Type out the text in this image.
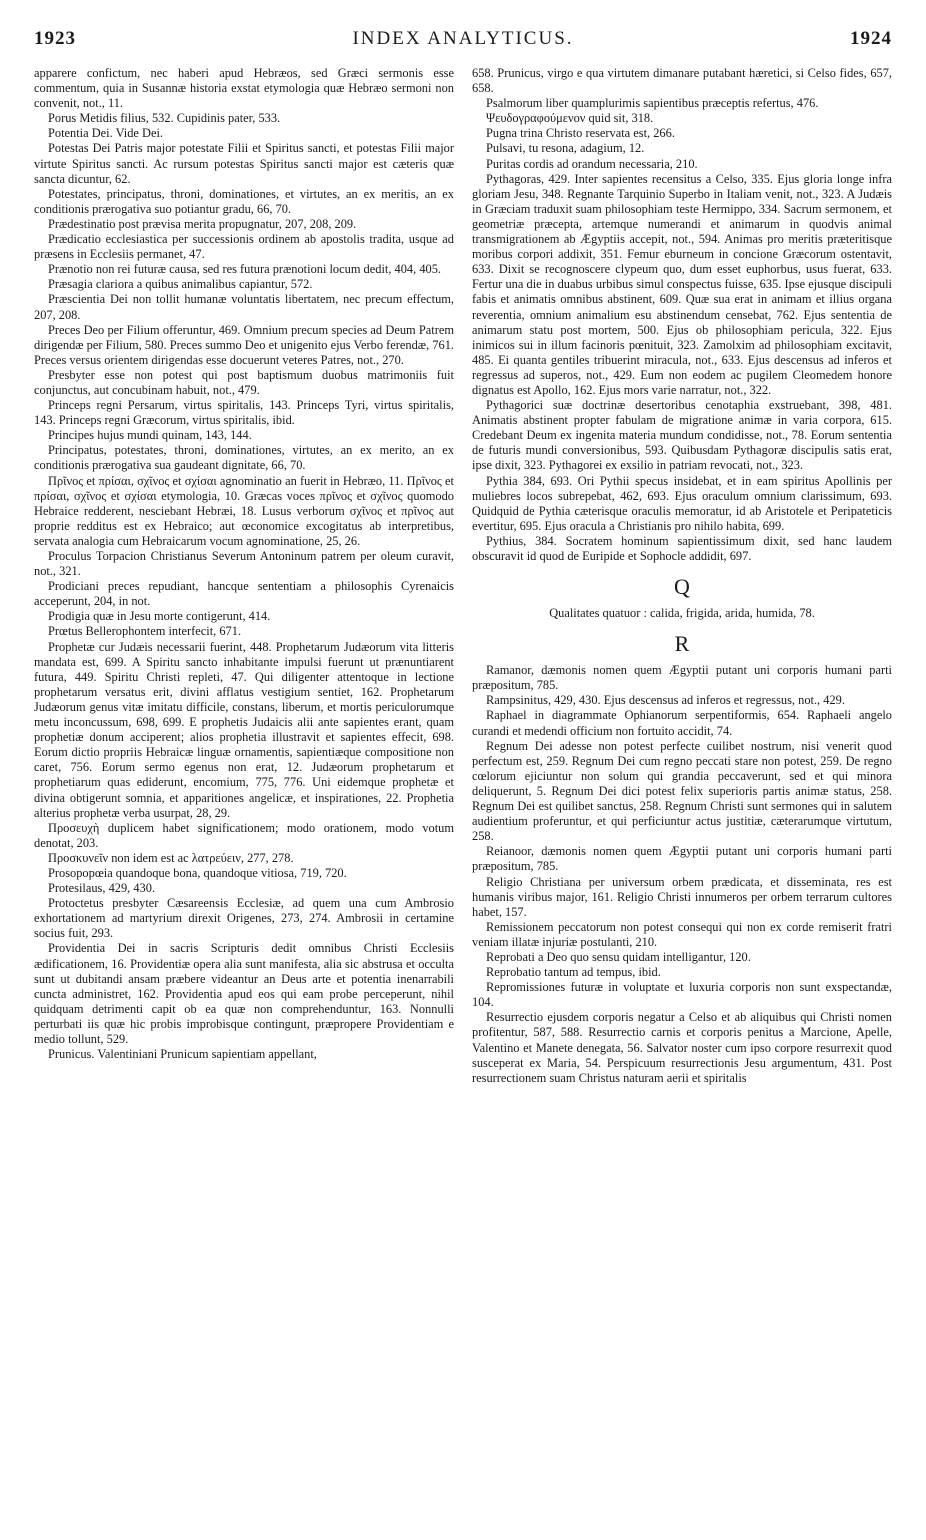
1923	INDEX ANALYTICUS.	1924

apparere confictum, nec haberi apud Hebræos, sed Græci sermonis esse commentum, quia in Susannæ historia exstat etymologia quæ Hebræo sermoni non convenit, not., 11.

Porus Metidis filius, 532. Cupidinis pater, 533.

Potentia Dei. Vide Dei.

Potestas Dei Patris major potestate Filii et Spiritus sancti, et potestas Filii major virtute Spiritus sancti. Ac rursum potestas Spiritus sancti major est cæteris quæ sancta dicuntur, 62.

Potestates, principatus, throni, dominationes, et virtutes, an ex meritis, an ex conditionis prærogativa suo potiantur gradu, 66, 70.

Prædestinatio post prævisa merita propugnatur, 207, 208, 209.

Prædicatio ecclesiastica per successionis ordinem ab apostolis tradita, usque ad præsens in Ecclesiis permanet, 47.

Prænotio non rei futuræ causa, sed res futura prænotioni locum dedit, 404, 405.

Præsagia clariora a quibus animalibus capiantur, 572.

Præscientia Dei non tollit humanæ voluntatis libertatem, nec precum effectum, 207, 208.

Preces Deo per Filium offeruntur, 469. Omnium precum species ad Deum Patrem dirigendæ per Filium, 580. Preces summo Deo et unigenito ejus Verbo ferendæ, 761. Preces versus orientem dirigendas esse docuerunt veteres Patres, not., 270.

Presbyter esse non potest qui post baptismum duobus matrimoniis fuit conjunctus, aut concubinam habuit, not., 479.

Princeps regni Persarum, virtus spiritalis, 143. Princeps Tyri, virtus spiritalis, 143. Princeps regni Græcorum, virtus spiritalis, ibid.

Principes hujus mundi quinam, 143, 144.

Principatus, potestates, throni, dominationes, virtutes, an ex merito, an ex conditionis prærogativa sua gaudeant dignitate, 66, 70.

Πρῖνος et πρίσαι, σχῖνος et σχίσαι agnominatio an fuerit in Hebræo, 11. Πρῖνος et πρίσαι, σχῖνος et σχίσαι etymologia, 10. Græcas voces πρῖνος et σχῖνος quomodo Hebraice redderent, nesciebant Hebræi, 18. Lusus verborum σχῖνος et πρῖνος aut proprie redditus est ex Hebraico; aut œconomice excogitatus ab interpretibus, servata analogia cum Hebraicarum vocum agnominatione, 25, 26.

Proculus Torpacion Christianus Severum Antoninum patrem per oleum curavit, not., 321.

Prodiciani preces repudiant, hancque sententiam a philosophis Cyrenaicis acceperunt, 204, in not.

Prodigia quæ in Jesu morte contigerunt, 414.

Prœtus Bellerophontem interfecit, 671.

Prophetæ cur Judæis necessarii fuerint, 448. Prophetarum Judæorum vita litteris mandata est, 699. A Spiritu sancto inhabitante impulsi fuerunt ut prænuntiarent futura, 449. Spiritu Christi repleti, 47. Qui diligenter attentoque in lectione prophetarum versatus erit, divini afflatus vestigium sentiet, 162. Prophetarum Judæorum genus vitæ imitatu difficile, constans, liberum, et mortis periculorumque metu inconcussum, 698, 699. E prophetis Judaicis alii ante sapientes erant, quam prophetiæ donum acciperent; alios prophetia illustravit et sapientes effecit, 698. Eorum dictio propriis Hebraicæ linguæ ornamentis, sapientiæque compositione non caret, 756. Eorum sermo egenus non erat, 12. Judæorum prophetarum et prophetiarum quas ediderunt, encomium, 775, 776. Uni eidemque prophetæ et divina obtigerunt somnia, et apparitiones angelicæ, et inspirationes, 22. Prophetia alterius prophetæ verba usurpat, 28, 29.

Προσευχὴ duplicem habet significationem; modo orationem, modo votum denotat, 203.

Προσκυνεῖν non idem est ac λατρεύειν, 277, 278.

Prosopopœia quandoque bona, quandoque vitiosa, 719, 720.

Protesilaus, 429, 430.

Protoctetus presbyter Cæsareensis Ecclesiæ, ad quem una cum Ambrosio exhortationem ad martyrium direxit Origenes, 273, 274. Ambrosii in certamine socius fuit, 293.

Providentia Dei in sacris Scripturis dedit omnibus Christi Ecclesiis ædificationem, 16. Providentiæ opera alia sunt manifesta, alia sic abstrusa et occulta sunt ut dubitandi ansam præbere videantur an Deus arte et potentia inenarrabili cuncta administret, 162. Providentia apud eos qui eam probe perceperunt, nihil quidquam detrimenti capit ob ea quæ non comprehenduntur, 163. Nonnulli perturbati iis quæ hic probis improbisque contingunt, præpropere Providentiam e medio tollunt, 529.

Prunicus. Valentiniani Prunicum sapientiam appellant,

658. Prunicus, virgo e qua virtutem dimanare putabant hæretici, si Celso fides, 657, 658.

Psalmorum liber quamplurimis sapientibus præceptis refertus, 476.

Ψευδογραφούμενον quid sit, 318.

Pugna trina Christo reservata est, 266.

Pulsavi, tu resona, adagium, 12.

Puritas cordis ad orandum necessaria, 210.

Pythagoras, 429. Inter sapientes recensitus a Celso, 335. Ejus gloria longe infra gloriam Jesu, 348. Regnante Tarquinio Superbo in Italiam venit, not., 323. A Judæis in Græciam traduxit suam philosophiam teste Hermippo, 334. Sacrum sermonem, et geometriæ præcepta, artemque numerandi et animarum in quodvis animal transmigrationem ab Ægyptiis accepit, not., 594. Animas pro meritis præteritisque moribus corpori addixit, 351. Femur eburneum in concione Græcorum ostentavit, 633. Dixit se recognoscere clypeum quo, dum esset euphorbus, usus fuerat, 633. Fertur una die in duabus urbibus simul conspectus fuisse, 635. Ipse ejusque discipuli fabis et animatis omnibus abstinent, 609. Quæ sua erat in animam et illius organa reverentia, omnium animalium esu abstinendum censebat, 762. Ejus sententia de animarum statu post mortem, 500. Ejus ob philosophiam pericula, 322. Ejus inimicos sui in illum facinoris pœnituit, 323. Zamolxim ad philosophiam excitavit, 485. Ei quanta gentiles tribuerint miracula, not., 633. Ejus descensus ad inferos et regressus ad superos, not., 429. Eum non eodem ac pugilem Cleomedem honore dignatus est Apollo, 162. Ejus mors varie narratur, not., 322.

Pythagorici suæ doctrinæ desertoribus cenotaphia exstruebant, 398, 481. Animatis abstinent propter fabulam de migratione animæ in varia corpora, 615. Credebant Deum ex ingenita materia mundum condidisse, not., 78. Eorum sententia de futuris mundi conversionibus, 593. Quibusdam Pythagoræ discipulis satis erat, ipse dixit, 323. Pythagorei ex exsilio in patriam revocati, not., 323.

Pythia 384, 693. Ori Pythii specus insidebat, et in eam spiritus Apollinis per muliebres locos subrepebat, 462, 693. Ejus oraculum omnium clarissimum, 693. Quidquid de Pythia cæterisque oraculis memoratur, id ab Aristotele et Peripateticis evertitur, 695. Ejus oracula a Christianis pro nihilo habita, 699.

Pythius, 384. Socratem hominum sapientissimum dixit, sed hanc laudem obscuravit id quod de Euripide et Sophocle addidit, 697.

Q

Qualitates quatuor : calida, frigida, arida, humida, 78.

R

Ramanor, dæmonis nomen quem Ægyptii putant uni corporis humani parti præpositum, 785.

Rampsinitus, 429, 430. Ejus descensus ad inferos et regressus, not., 429.

Raphael in diagrammate Ophianorum serpentiformis, 654. Raphaeli angelo curandi et medendi officium non fortuito accidit, 74.

Regnum Dei adesse non potest perfecte cuilibet nostrum, nisi venerit quod perfectum est, 259. Regnum Dei cum regno peccati stare non potest, 259. De regno cœlorum ejiciuntur non solum qui grandia peccaverunt, sed et qui minora deliquerunt, 5. Regnum Dei dici potest felix superioris partis animæ status, 258. Regnum Dei est quilibet sanctus, 258. Regnum Christi sunt sermones qui in salutem audientium proferuntur, et qui perficiuntur actus justitiæ, cæterarumque virtutum, 258.

Reianoor, dæmonis nomen quem Ægyptii putant uni corporis humani parti præpositum, 785.

Religio Christiana per universum orbem prædicata, et disseminata, res est humanis viribus major, 161. Religio Christi innumeros per orbem terrarum cultores habet, 157.

Remissionem peccatorum non potest consequi qui non ex corde remiserit fratri veniam illatæ injuriæ postulanti, 210.

Reprobati a Deo quo sensu quidam intelligantur, 120.

Reprobatio tantum ad tempus, ibid.

Repromissiones futuræ in voluptate et luxuria corporis non sunt exspectandæ, 104.

Resurrectio ejusdem corporis negatur a Celso et ab aliquibus qui Christi nomen profitentur, 587, 588. Resurrectio carnis et corporis penitus a Marcione, Apelle, Valentino et Manete denegata, 56. Salvator noster cum ipso corpore resurrexit quod susceperat ex Maria, 54. Perspicuum resurrectionis Jesu argumentum, 431. Post resurrectionem suam Christus naturam aerii et spiritalis
